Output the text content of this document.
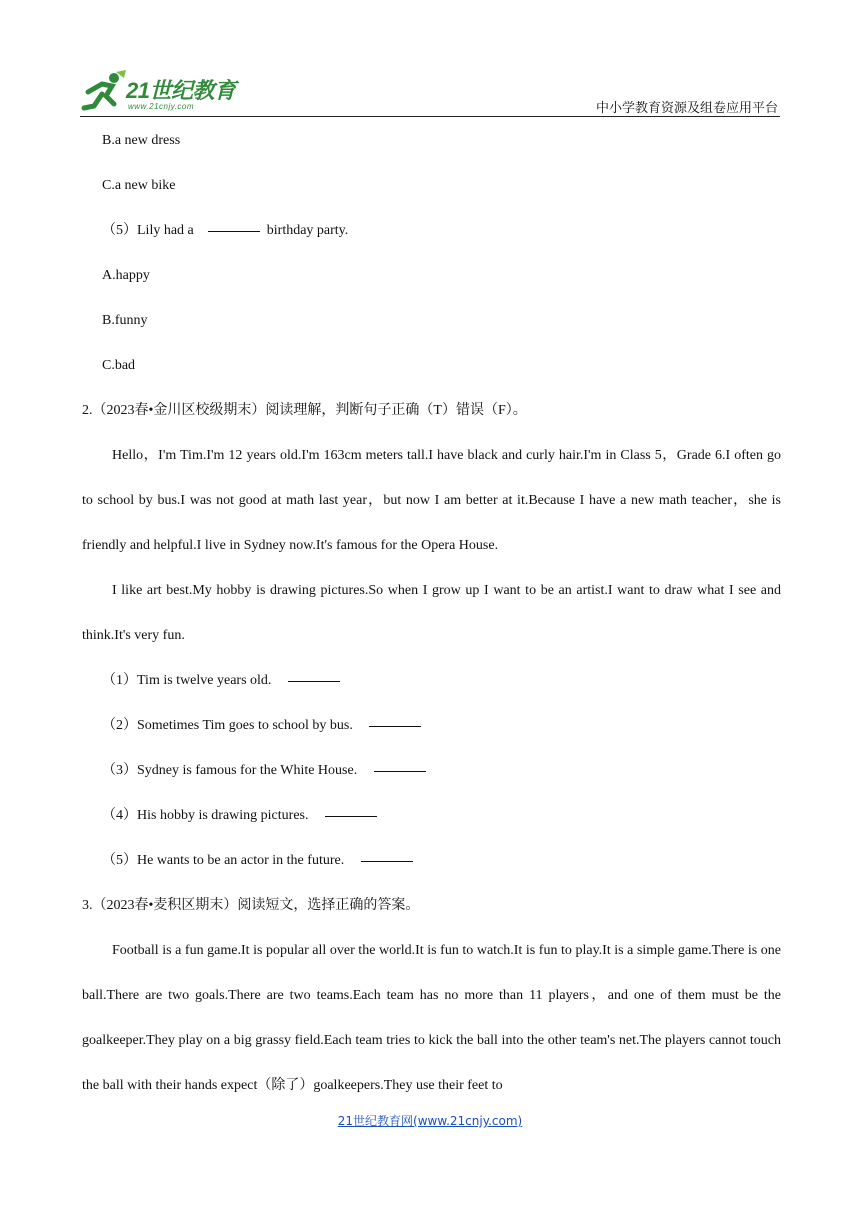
21世纪教育
www.21cnjy.com	中小学教育资源及组卷应用平台
B.a new dress
C.a new bike
（5）Lily had a	birthday party.
A.happy
B.funny
C.bad
2.（2023春•金川区校级期末）阅读理解，判断句子正确（T）错误（F）。
Hello，I'm Tim.I'm 12 years old.I'm 163cm meters tall.I have black and curly hair.I'm in Class 5，Grade 6.I often go to school by bus.I was not good at math last year，but now I am better at it.Because I have a new math teacher，she is friendly and helpful.I live in Sydney now.It's famous for the Opera House.
I like art best.My hobby is drawing pictures.So when I grow up I want to be an artist.I want to draw what I see and think.It's very fun.
（1）Tim is twelve years old.
（2）Sometimes Tim goes to school by bus.
（3）Sydney is famous for the White House.
（4）His hobby is drawing pictures.
（5）He wants to be an actor in the future.
3.（2023春•麦积区期末）阅读短文，选择正确的答案。
Football is a fun game.It is popular all over the world.It is fun to watch.It is fun to play.It is a simple game.There is one ball.There are two goals.There are two teams.Each team has no more than 11 players，and one of them must be the goalkeeper.They play on a big grassy field.Each team tries to kick the ball into the other team's net.The players cannot touch the ball with their hands expect（除了）goalkeepers.They use their feet to
21世纪教育网(www.21cnjy.com)
